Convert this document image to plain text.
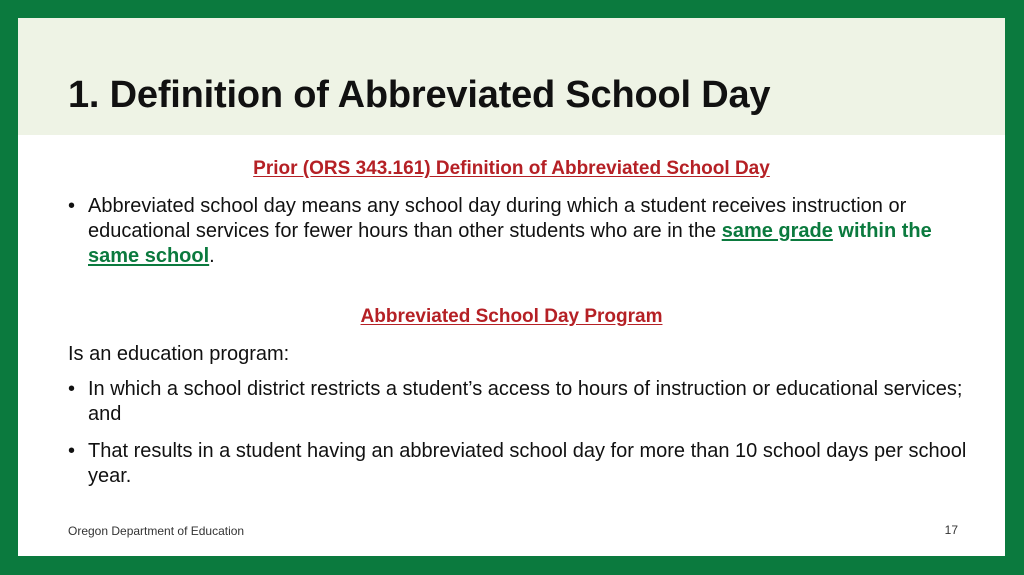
1. Definition of Abbreviated School Day
Prior (ORS 343.161) Definition of Abbreviated School Day
• Abbreviated school day means any school day during which a student receives instruction or educational services for fewer hours than other students who are in the same grade within the same school.
Abbreviated School Day Program
Is an education program:
• In which a school district restricts a student’s access to hours of instruction or educational services; and
• That results in a student having an abbreviated school day for more than 10 school days per school year.
Oregon Department of Education	17
